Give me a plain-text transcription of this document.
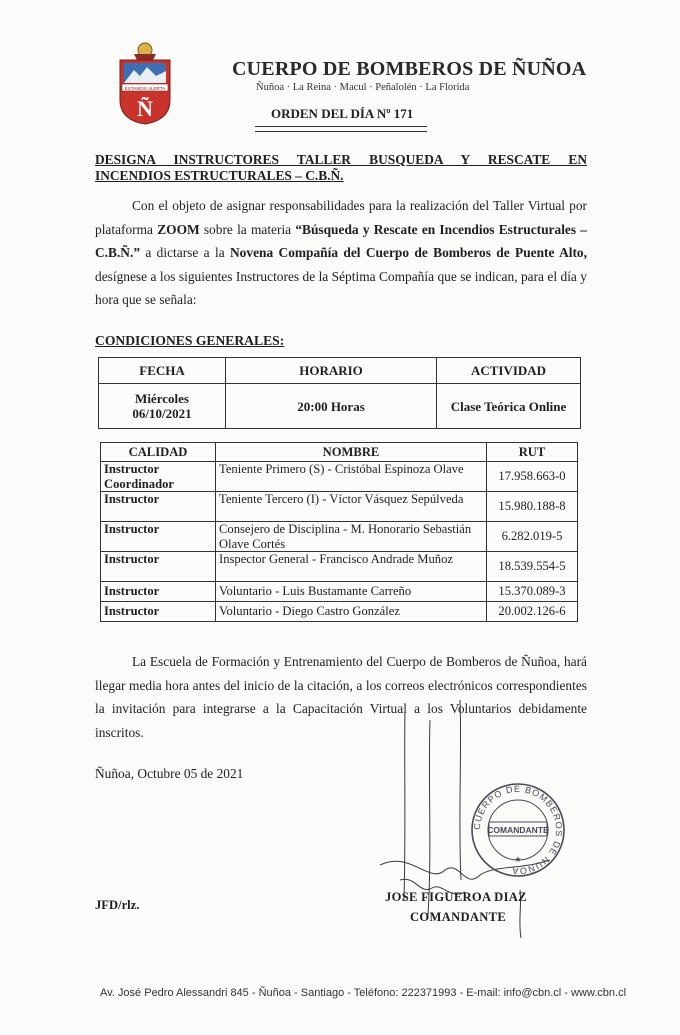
ESTAMOS ALERTA
Ñ
CUERPO DE BOMBEROS DE ÑUÑOA
Ñuñoa · La Reina · Macul · Peñalolén · La Florida
ORDEN DEL DÍA Nº 171
DESIGNA INSTRUCTORES TALLER BUSQUEDA Y RESCATE EN
INCENDIOS ESTRUCTURALES – C.B.Ñ.
Con el objeto de asignar responsabilidades para la realización del Taller Virtual por plataforma ZOOM sobre la materia “Búsqueda y Rescate en Incendios Estructurales – C.B.Ñ.” a dictarse a la Novena Compañía del Cuerpo de Bomberos de Puente Alto, desígnese a los siguientes Instructores de la Séptima Compañía que se indican, para el día y hora que se señala:
CONDICIONES GENERALES:
FECHA	HORARIO	ACTIVIDAD
Miércoles
06/10/2021	20:00 Horas	Clase Teórica Online
CALIDAD	NOMBRE	RUT
Instructor Coordinador	Teniente Primero (S) - Cristóbal Espinoza Olave	17.958.663-0
Instructor	Teniente Tercero (I) - Víctor Vásquez Sepúlveda	15.980.188-8
Instructor	Consejero de Disciplina - M. Honorario Sebastián Olave Cortés	6.282.019-5
Instructor	Inspector General - Francisco Andrade Muñoz	18.539.554-5
Instructor	Voluntario - Luis Bustamante Carreño	15.370.089-3
Instructor	Voluntario - Diego Castro González	20.002.126-6
La Escuela de Formación y Entrenamiento del Cuerpo de Bomberos de Ñuñoa, hará llegar media hora antes del inicio de la citación, a los correos electrónicos correspondientes la invitación para integrarse a la Capacitación Virtual a los Voluntarios debidamente inscritos.
Ñuñoa, Octubre 05 de 2021
CUERPO DE BOMBEROS DE ÑUÑOA
COMANDANTE
★
JFD/rlz.
JOSE FIGUEROA DIAZ
COMANDANTE
Av. José Pedro Alessandri 845 - Ñuñoa - Santiago - Teléfono: 222371993 - E-mail: info@cbn.cl - www.cbn.cl
